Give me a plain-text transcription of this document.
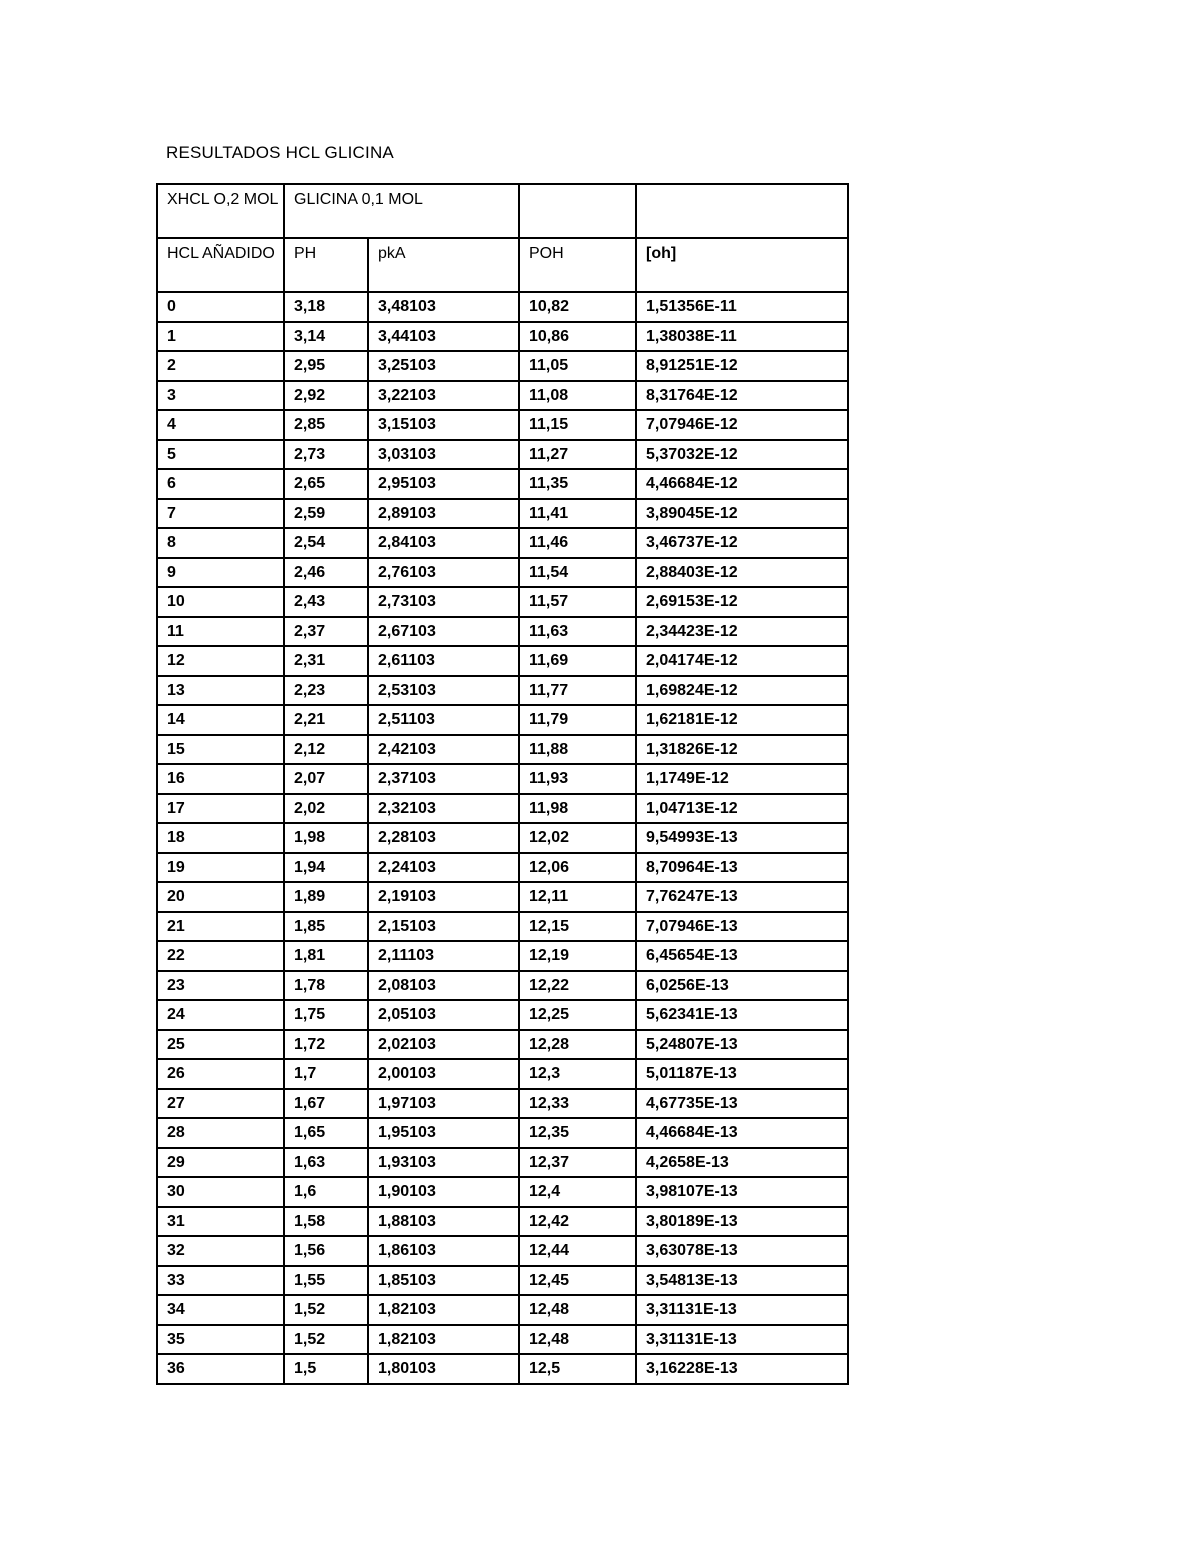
RESULTADOS HCL GLICINA
XHCL O,2 MOL	GLICINA 0,1 MOL			
HCL AÑADIDO	PH	pkA	POH	[oh]
0	3,18	3,48103	10,82	1,51356E-11
1	3,14	3,44103	10,86	1,38038E-11
2	2,95	3,25103	11,05	8,91251E-12
3	2,92	3,22103	11,08	8,31764E-12
4	2,85	3,15103	11,15	7,07946E-12
5	2,73	3,03103	11,27	5,37032E-12
6	2,65	2,95103	11,35	4,46684E-12
7	2,59	2,89103	11,41	3,89045E-12
8	2,54	2,84103	11,46	3,46737E-12
9	2,46	2,76103	11,54	2,88403E-12
10	2,43	2,73103	11,57	2,69153E-12
11	2,37	2,67103	11,63	2,34423E-12
12	2,31	2,61103	11,69	2,04174E-12
13	2,23	2,53103	11,77	1,69824E-12
14	2,21	2,51103	11,79	1,62181E-12
15	2,12	2,42103	11,88	1,31826E-12
16	2,07	2,37103	11,93	1,1749E-12
17	2,02	2,32103	11,98	1,04713E-12
18	1,98	2,28103	12,02	9,54993E-13
19	1,94	2,24103	12,06	8,70964E-13
20	1,89	2,19103	12,11	7,76247E-13
21	1,85	2,15103	12,15	7,07946E-13
22	1,81	2,11103	12,19	6,45654E-13
23	1,78	2,08103	12,22	6,0256E-13
24	1,75	2,05103	12,25	5,62341E-13
25	1,72	2,02103	12,28	5,24807E-13
26	1,7	2,00103	12,3	5,01187E-13
27	1,67	1,97103	12,33	4,67735E-13
28	1,65	1,95103	12,35	4,46684E-13
29	1,63	1,93103	12,37	4,2658E-13
30	1,6	1,90103	12,4	3,98107E-13
31	1,58	1,88103	12,42	3,80189E-13
32	1,56	1,86103	12,44	3,63078E-13
33	1,55	1,85103	12,45	3,54813E-13
34	1,52	1,82103	12,48	3,31131E-13
35	1,52	1,82103	12,48	3,31131E-13
36	1,5	1,80103	12,5	3,16228E-13
